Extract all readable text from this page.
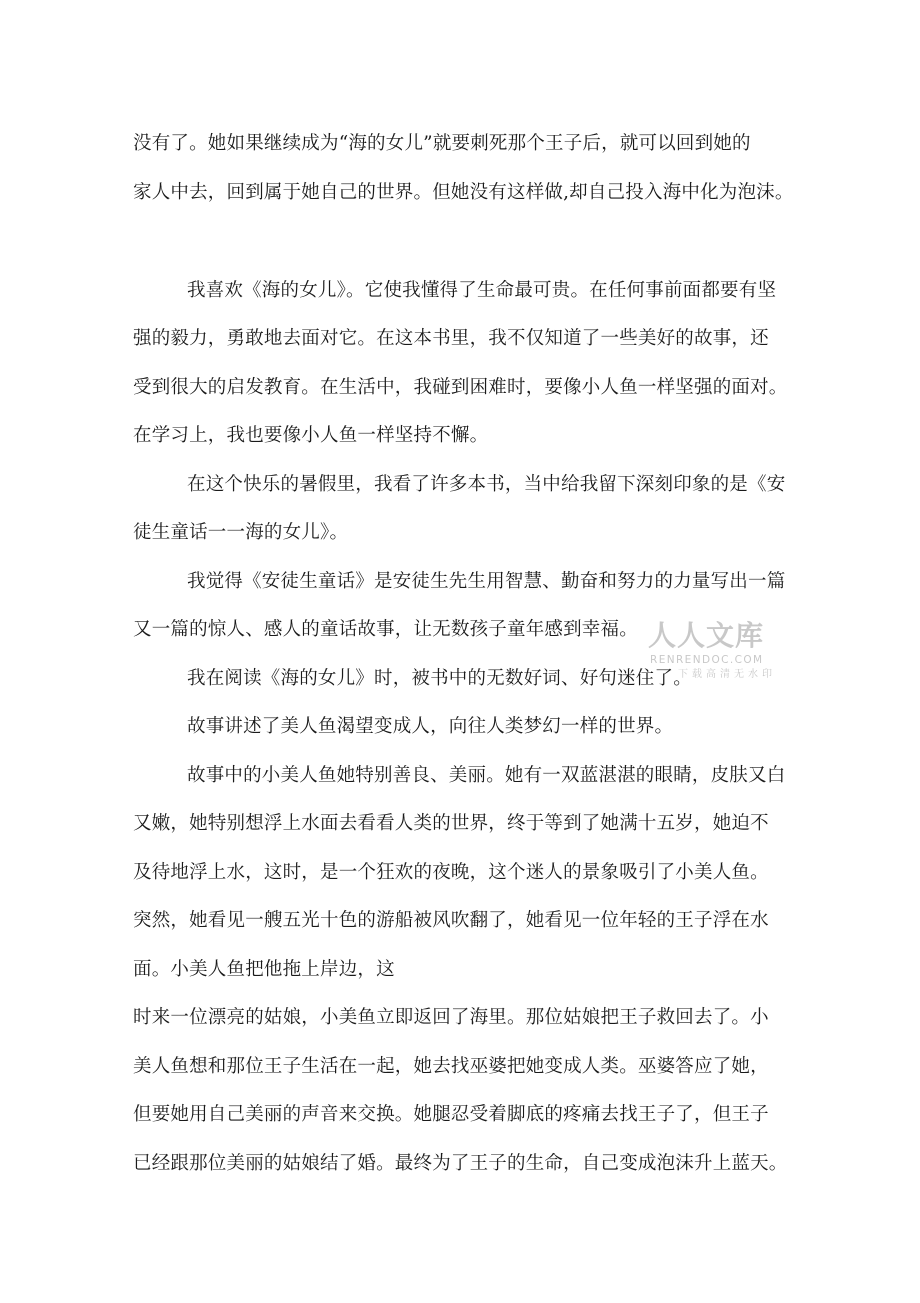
没有了。她如果继续成为“海的女儿”就要刺死那个王子后，就可以回到她的
家人中去，回到属于她自己的世界。但她没有这样做,却自己投入海中化为泡沫。
我喜欢《海的女儿》。它使我懂得了生命最可贵。在任何事前面都要有坚
强的毅力，勇敢地去面对它。在这本书里，我不仅知道了一些美好的故事，还
受到很大的启发教育。在生活中，我碰到困难时，要像小人鱼一样坚强的面对。
在学习上，我也要像小人鱼一样坚持不懈。
在这个快乐的暑假里，我看了许多本书，当中给我留下深刻印象的是《安
徒生童话一一海的女儿》。
我觉得《安徒生童话》是安徒生先生用智慧、勤奋和努力的力量写出一篇
又一篇的惊人、感人的童话故事，让无数孩子童年感到幸福。
我在阅读《海的女儿》时，被书中的无数好词、好句迷住了。
故事讲述了美人鱼渴望变成人，向往人类梦幻一样的世界。
故事中的小美人鱼她特别善良、美丽。她有一双蓝湛湛的眼睛，皮肤又白
又嫩，她特别想浮上水面去看看人类的世界，终于等到了她满十五岁，她迫不
及待地浮上水，这时，是一个狂欢的夜晚，这个迷人的景象吸引了小美人鱼。
突然，她看见一艘五光十色的游船被风吹翻了，她看见一位年轻的王子浮在水
面。小美人鱼把他拖上岸边，这
时来一位漂亮的姑娘，小美鱼立即返回了海里。那位姑娘把王子救回去了。小
美人鱼想和那位王子生活在一起，她去找巫婆把她变成人类。巫婆答应了她，
但要她用自己美丽的声音来交换。她腿忍受着脚底的疼痛去找王子了，但王子
已经跟那位美丽的姑娘结了婚。最终为了王子的生命，自己变成泡沫升上蓝天。
人人文库
RENRENDOC.COM
下载高清无水印
